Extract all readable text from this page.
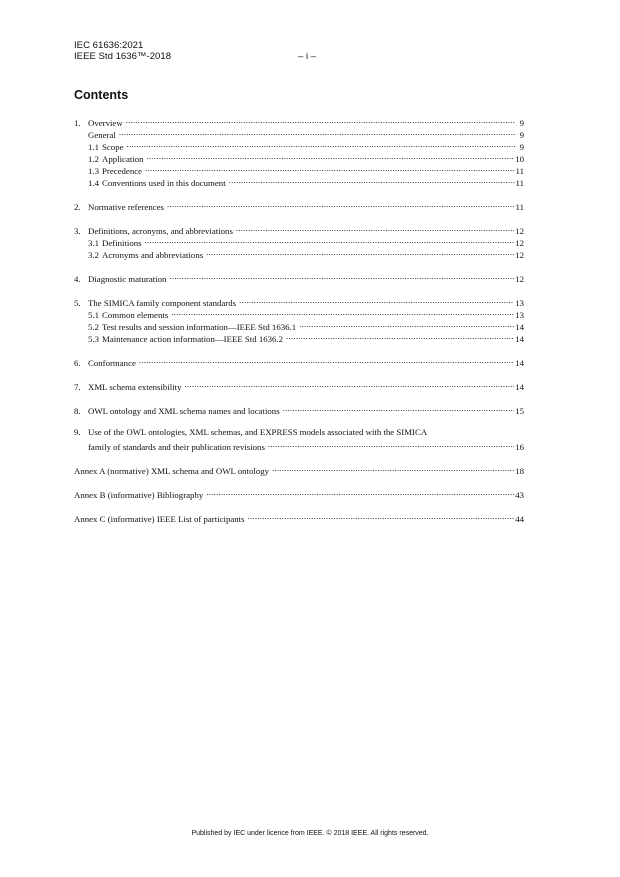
IEC 61636:2021
IEEE Std 1636™-2018	– i –
Contents
1. Overview .....	9
General .....	9
1.1 Scope .....	9
1.2 Application .....	10
1.3 Precedence .....	11
1.4 Conventions used in this document .....	11
2. Normative references .....	11
3. Definitions, acronyms, and abbreviations .....	12
3.1 Definitions .....	12
3.2 Acronyms and abbreviations .....	12
4. Diagnostic maturation .....	12
5. The SIMICA family component standards .....	13
5.1 Common elements .....	13
5.2 Test results and session information—IEEE Std 1636.1 .....	14
5.3 Maintenance action information—IEEE Std 1636.2 .....	14
6. Conformance .....	14
7. XML schema extensibility .....	14
8. OWL ontology and XML schema names and locations .....	15
9. Use of the OWL ontologies, XML schemas, and EXPRESS models associated with the SIMICA
family of standards and their publication revisions .....	16
Annex A (normative) XML schema and OWL ontology .....	18
Annex B (informative) Bibliography .....	43
Annex C (informative) IEEE List of participants .....	44
Published by IEC under licence from IEEE. © 2018 IEEE. All rights reserved.
